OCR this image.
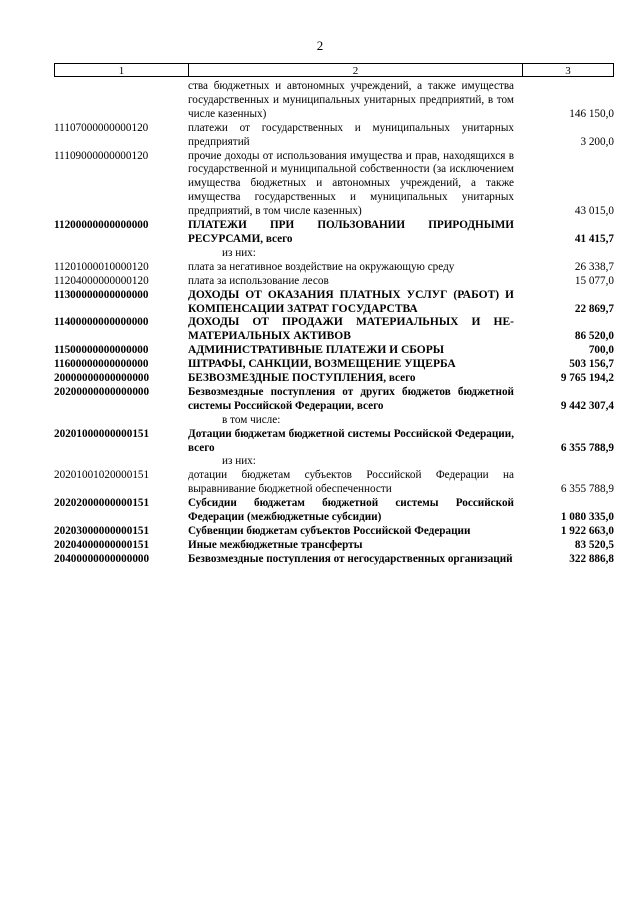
2
1	2	3
ства бюджетных и автономных учреждений, а также имущества государственных и муниципальных унитарных предприятий, в том числе казенных)	146 150,0
11107000000000120	платежи от государственных и муниципальных унитарных предприятий	3 200,0
11109000000000120	прочие доходы от использования имущества и прав, находящихся в государственной и муниципальной собственности (за исключением имущества бюджетных и автономных учреждений, а также имущества государственных и муниципальных унитарных предприятий, в том числе казенных)	43 015,0
11200000000000000	ПЛАТЕЖИ ПРИ ПОЛЬЗОВАНИИ ПРИРОДНЫМИ РЕСУРСАМИ, всего	41 415,7
из них:
11201000010000120	плата за негативное воздействие на окружающую среду	26 338,7
11204000000000120	плата за использование лесов	15 077,0
11300000000000000	ДОХОДЫ ОТ ОКАЗАНИЯ ПЛАТНЫХ УСЛУГ (РАБОТ) И КОМПЕНСАЦИИ ЗАТРАТ ГОСУДАРСТВА	22 869,7
11400000000000000	ДОХОДЫ ОТ ПРОДАЖИ МАТЕРИАЛЬНЫХ И НЕМАТЕРИАЛЬНЫХ АКТИВОВ	86 520,0
11500000000000000	АДМИНИСТРАТИВНЫЕ ПЛАТЕЖИ И СБОРЫ	700,0
11600000000000000	ШТРАФЫ, САНКЦИИ, ВОЗМЕЩЕНИЕ УЩЕРБА	503 156,7
20000000000000000	БЕЗВОЗМЕЗДНЫЕ ПОСТУПЛЕНИЯ, всего	9 765 194,2
20200000000000000	Безвозмездные поступления от других бюджетов бюджетной системы Российской Федерации, всего	9 442 307,4
в том числе:
20201000000000151	Дотации бюджетам бюджетной системы Российской Федерации, всего	6 355 788,9
из них:
20201001020000151	дотации бюджетам субъектов Российской Федерации на выравнивание бюджетной обеспеченности	6 355 788,9
20202000000000151	Субсидии бюджетам бюджетной системы Российской Федерации (межбюджетные субсидии)	1 080 335,0
20203000000000151	Субвенции бюджетам субъектов Российской Федерации	1 922 663,0
20204000000000151	Иные межбюджетные трансферты	83 520,5
20400000000000000	Безвозмездные поступления от негосударственных организаций	322 886,8
